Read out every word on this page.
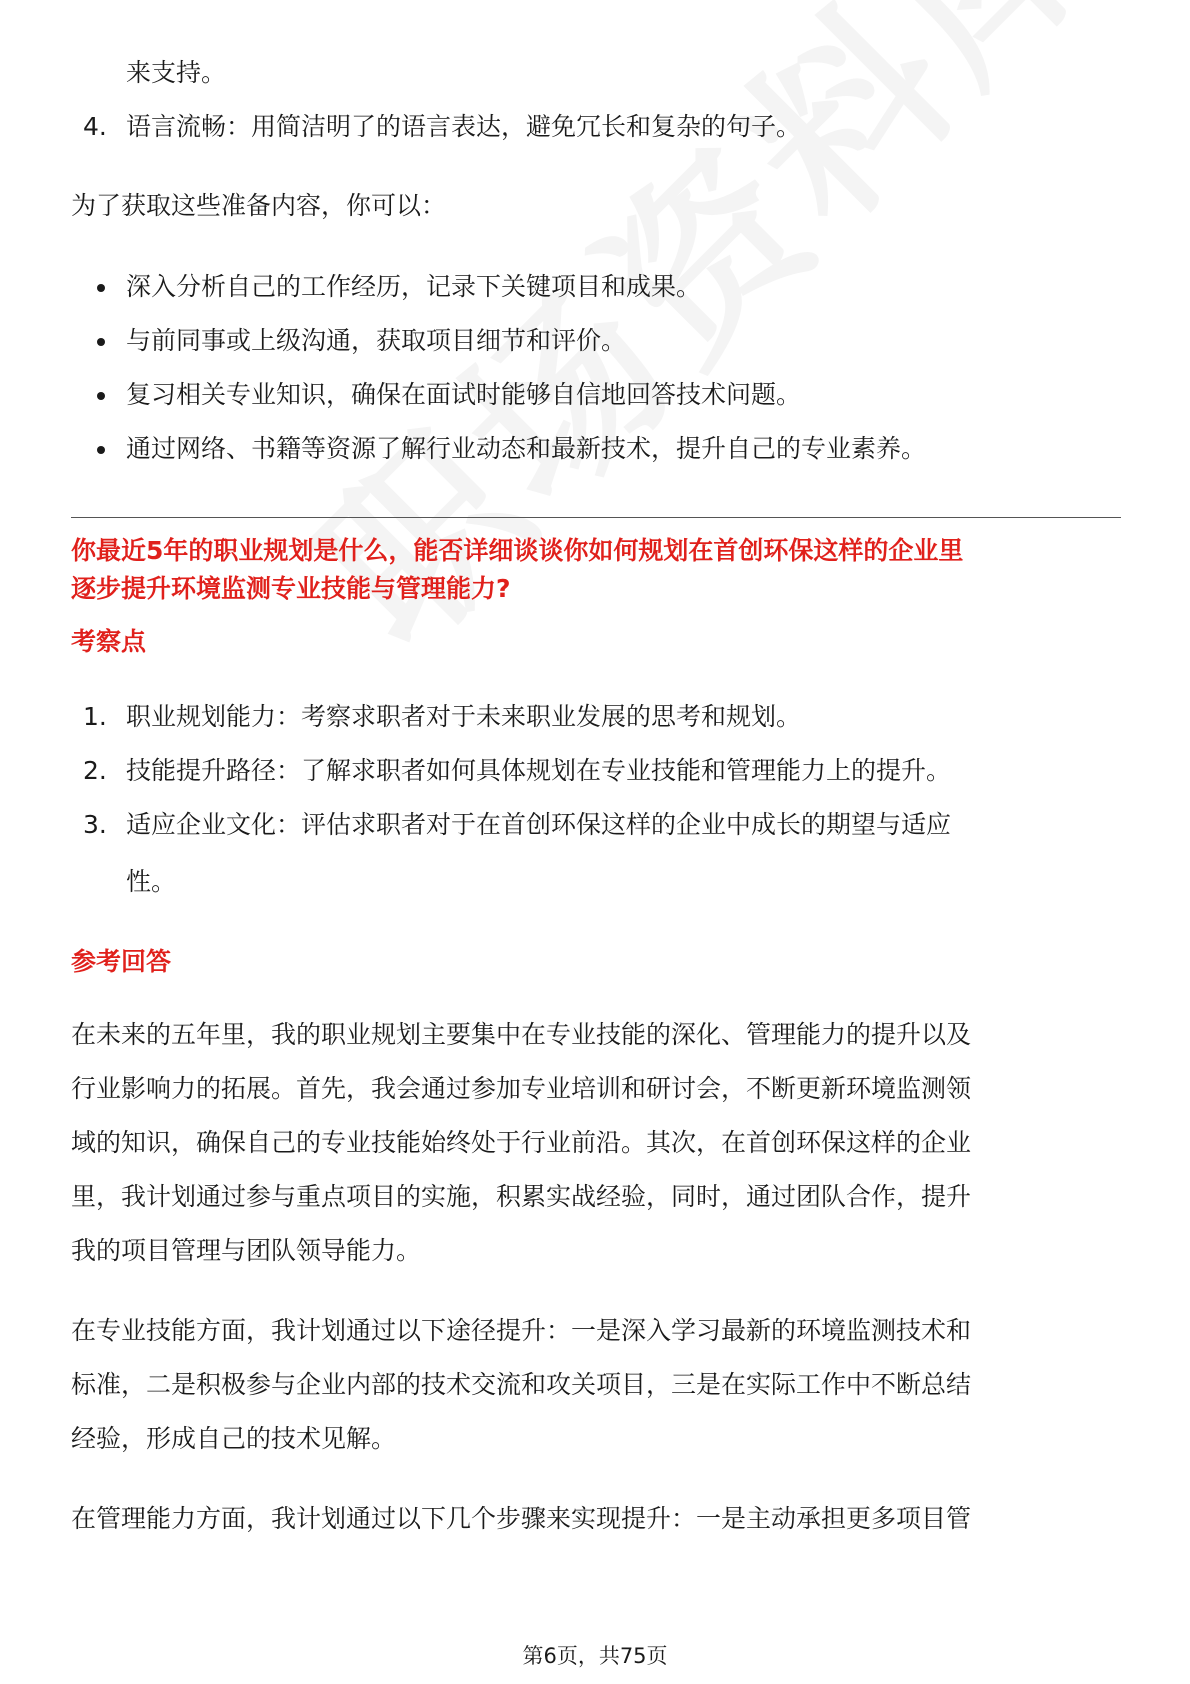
来支持。

4. 语言流畅：用简洁明了的语言表达，避免冗长和复杂的句子。

为了获取这些准备内容，你可以：

深入分析自己的工作经历，记录下关键项目和成果。
与前同事或上级沟通，获取项目细节和评价。
复习相关专业知识，确保在面试时能够自信地回答技术问题。
通过网络、书籍等资源了解行业动态和最新技术，提升自己的专业素养。

你最近5年的职业规划是什么，能否详细谈谈你如何规划在首创环保这样的企业里

逐步提升环境监测专业技能与管理能力?

考察点

1. 职业规划能力：考察求职者对于未来职业发展的思考和规划。
2. 技能提升路径：了解求职者如何具体规划在专业技能和管理能力上的提升。
3. 适应企业文化：评估求职者对于在首创环保这样的企业中成长的期望与适应
性。

参考回答

在未来的五年里，我的职业规划主要集中在专业技能的深化、管理能力的提升以及

行业影响力的拓展。首先，我会通过参加专业培训和研讨会，不断更新环境监测领

域的知识，确保自己的专业技能始终处于行业前沿。其次，在首创环保这样的企业

里，我计划通过参与重点项目的实施，积累实战经验，同时，通过团队合作，提升

我的项目管理与团队领导能力。

在专业技能方面，我计划通过以下途径提升：一是深入学习最新的环境监测技术和

标准，二是积极参与企业内部的技术交流和攻关项目，三是在实际工作中不断总结

经验，形成自己的技术见解。

在管理能力方面，我计划通过以下几个步骤来实现提升：一是主动承担更多项目管

第6页，共75页
